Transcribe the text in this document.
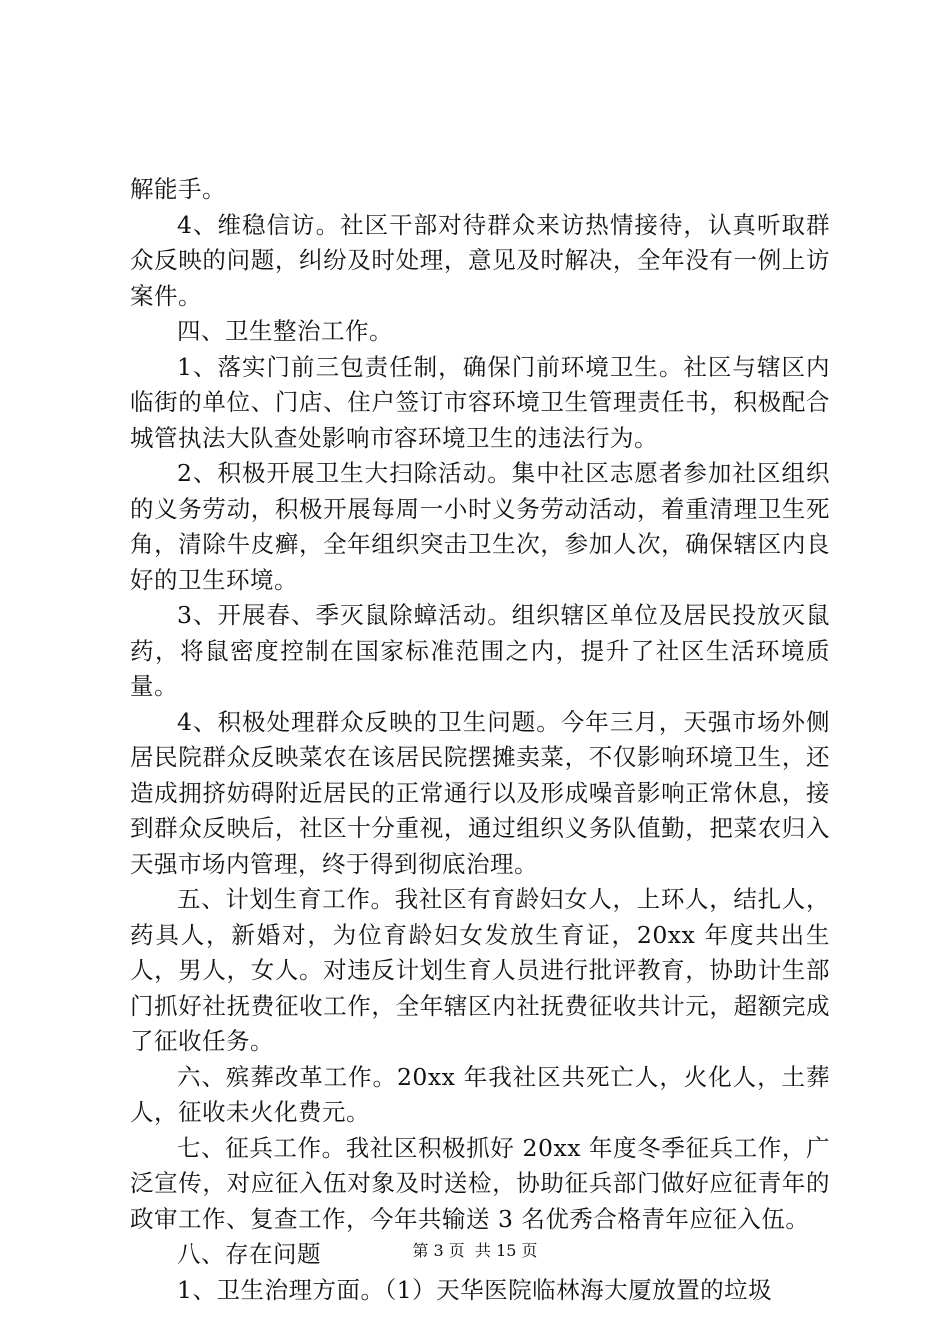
解能手。

4、维稳信访。社区干部对待群众来访热情接待，认真听取群众反映的问题，纠纷及时处理，意见及时解决，全年没有一例上访案件。

四、卫生整治工作。

1、落实门前三包责任制，确保门前环境卫生。社区与辖区内临街的单位、门店、住户签订市容环境卫生管理责任书，积极配合城管执法大队查处影响市容环境卫生的违法行为。

2、积极开展卫生大扫除活动。集中社区志愿者参加社区组织的义务劳动，积极开展每周一小时义务劳动活动，着重清理卫生死角，清除牛皮癣，全年组织突击卫生次，参加人次，确保辖区内良好的卫生环境。

3、开展春、季灭鼠除蟑活动。组织辖区单位及居民投放灭鼠药，将鼠密度控制在国家标准范围之内，提升了社区生活环境质量。

4、积极处理群众反映的卫生问题。今年三月，天强市场外侧居民院群众反映菜农在该居民院摆摊卖菜，不仅影响环境卫生，还造成拥挤妨碍附近居民的正常通行以及形成噪音影响正常休息，接到群众反映后，社区十分重视，通过组织义务队值勤，把菜农归入天强市场内管理，终于得到彻底治理。

五、计划生育工作。我社区有育龄妇女人，上环人，结扎人，药具人，新婚对，为位育龄妇女发放生育证，20xx 年度共出生人，男人，女人。对违反计划生育人员进行批评教育，协助计生部门抓好社抚费征收工作，全年辖区内社抚费征收共计元，超额完成了征收任务。

六、殡葬改革工作。20xx 年我社区共死亡人，火化人，土葬人，征收未火化费元。

七、征兵工作。我社区积极抓好 20xx 年度冬季征兵工作，广泛宣传，对应征入伍对象及时送检，协助征兵部门做好应征青年的政审工作、复查工作，今年共输送 3 名优秀合格青年应征入伍。

八、存在问题

1、卫生治理方面。（1）天华医院临林海大厦放置的垃圾

第 3 页 共 15 页
